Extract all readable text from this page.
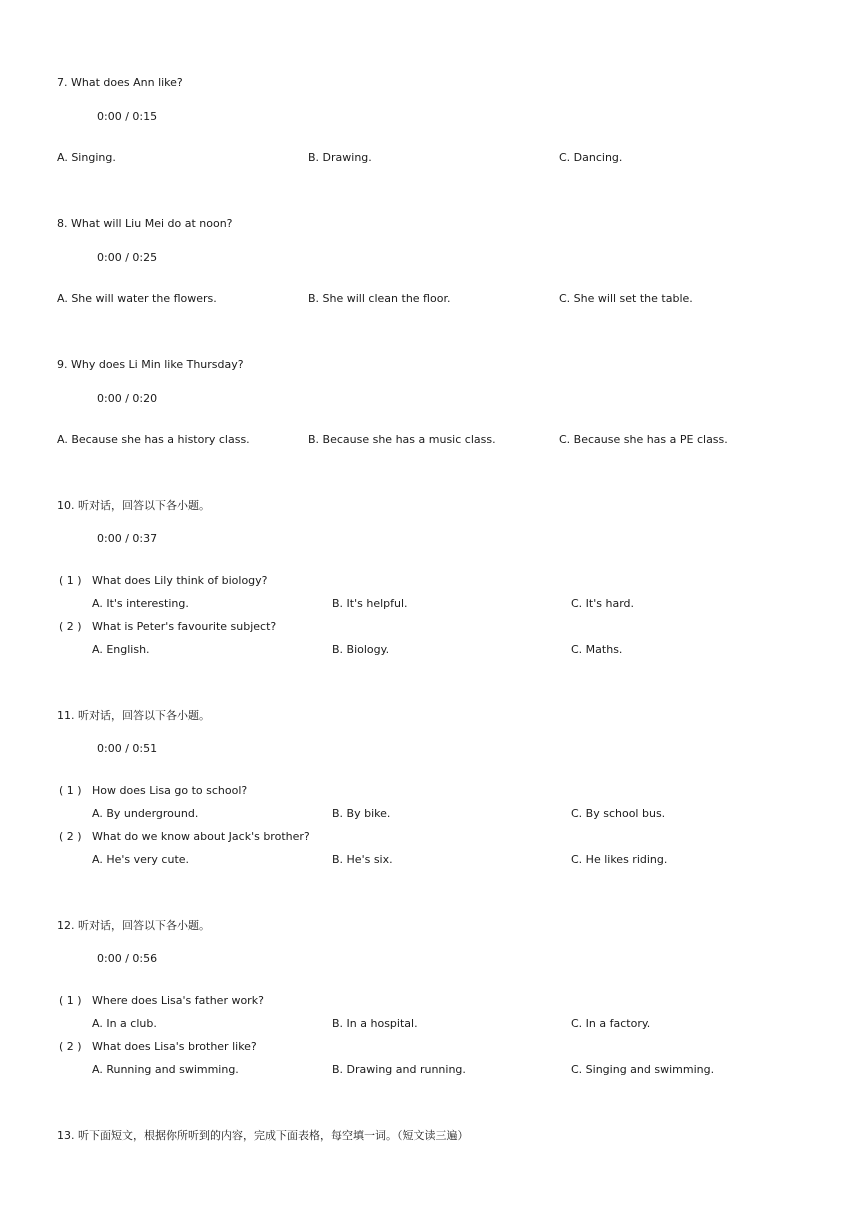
7. What does Ann like?
0:00 / 0:15
A. Singing.	B. Drawing.	C. Dancing.
8. What will Liu Mei do at noon?
0:00 / 0:25
A. She will water the flowers.	B. She will clean the floor.	C. She will set the table.
9. Why does Li Min like Thursday?
0:00 / 0:20
A. Because she has a history class.	B. Because she has a music class.	C. Because she has a PE class.
10. 听对话，回答以下各小题。
0:00 / 0:37
( 1 ) What does Lily think of biology?
A. It's interesting.	B. It's helpful.	C. It's hard.
( 2 ) What is Peter's favourite subject?
A. English.	B. Biology.	C. Maths.
11. 听对话，回答以下各小题。
0:00 / 0:51
( 1 ) How does Lisa go to school?
A. By underground.	B. By bike.	C. By school bus.
( 2 ) What do we know about Jack's brother?
A. He's very cute.	B. He's six.	C. He likes riding.
12. 听对话，回答以下各小题。
0:00 / 0:56
( 1 ) Where does Lisa's father work?
A. In a club.	B. In a hospital.	C. In a factory.
( 2 ) What does Lisa's brother like?
A. Running and swimming.	B. Drawing and running.	C. Singing and swimming.
13. 听下面短文，根据你所听到的内容，完成下面表格，每空填一词。（短文读三遍）
